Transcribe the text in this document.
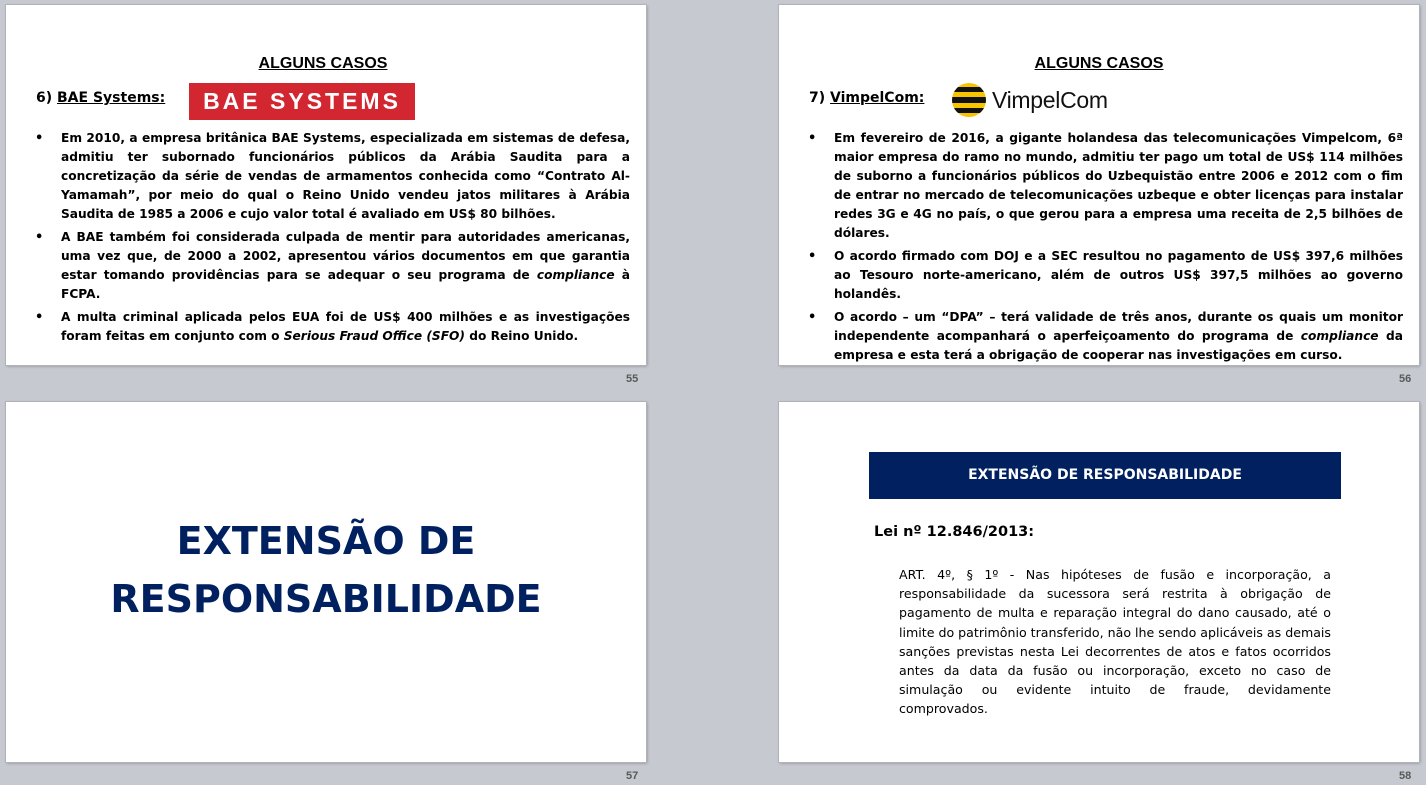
ALGUNS CASOS
6) BAE Systems:	BAE SYSTEMS
• Em 2010, a empresa britânica BAE Systems, especializada em sistemas de defesa, admitiu ter subornado funcionários públicos da Arábia Saudita para a concretização da série de vendas de armamentos conhecida como “Contrato Al-Yamamah”, por meio do qual o Reino Unido vendeu jatos militares à Arábia Saudita de 1985 a 2006 e cujo valor total é avaliado em US$ 80 bilhões.
• A BAE também foi considerada culpada de mentir para autoridades americanas, uma vez que, de 2000 a 2002, apresentou vários documentos em que garantia estar tomando providências para se adequar o seu programa de compliance à FCPA.
• A multa criminal aplicada pelos EUA foi de US$ 400 milhões e as investigações foram feitas em conjunto com o Serious Fraud Office (SFO) do Reino Unido.
55
ALGUNS CASOS
7) VimpelCom:	VimpelCom
• Em fevereiro de 2016, a gigante holandesa das telecomunicações Vimpelcom, 6ª maior empresa do ramo no mundo, admitiu ter pago um total de US$ 114 milhões de suborno a funcionários públicos do Uzbequistão entre 2006 e 2012 com o fim de entrar no mercado de telecomunicações uzbeque e obter licenças para instalar redes 3G e 4G no país, o que gerou para a empresa uma receita de 2,5 bilhões de dólares.
• O acordo firmado com DOJ e a SEC resultou no pagamento de US$ 397,6 milhões ao Tesouro norte-americano, além de outros US$ 397,5 milhões ao governo holandês.
• O acordo – um “DPA” – terá validade de três anos, durante os quais um monitor independente acompanhará o aperfeiçoamento do programa de compliance da empresa e esta terá a obrigação de cooperar nas investigações em curso.
56
EXTENSÃO DE
RESPONSABILIDADE
57
EXTENSÃO DE RESPONSABILIDADE
Lei nº 12.846/2013:
ART. 4º, § 1º - Nas hipóteses de fusão e incorporação, a responsabilidade da sucessora será restrita à obrigação de pagamento de multa e reparação integral do dano causado, até o limite do patrimônio transferido, não lhe sendo aplicáveis as demais sanções previstas nesta Lei decorrentes de atos e fatos ocorridos antes da data da fusão ou incorporação, exceto no caso de simulação ou evidente intuito de fraude, devidamente comprovados.
58
